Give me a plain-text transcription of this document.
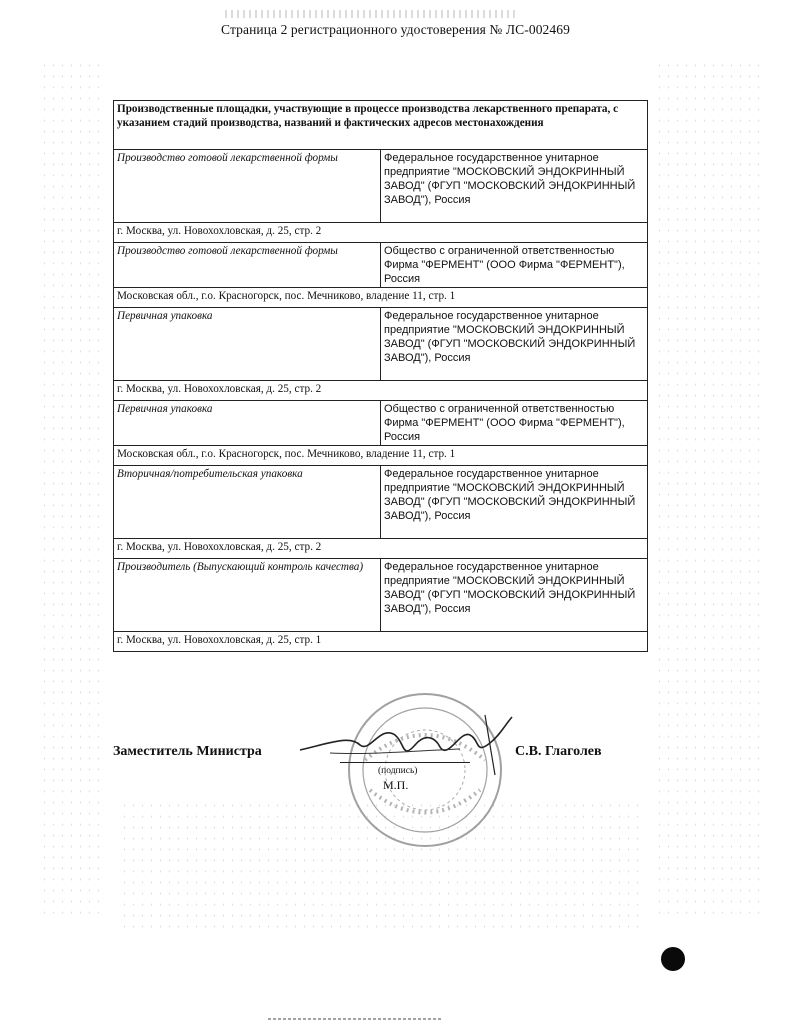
Страница 2 регистрационного удостоверения № ЛС-002469
Производственные площадки, участвующие в процессе производства лекарственного препарата, с указанием стадий производства, названий и фактических адресов местонахождения	
Производство готовой лекарственной формы	Федеральное государственное унитарное предприятие "МОСКОВСКИЙ ЭНДОКРИННЫЙ ЗАВОД" (ФГУП "МОСКОВСКИЙ ЭНДОКРИННЫЙ ЗАВОД"), Россия
г. Москва, ул. Новохохловская, д. 25, стр. 2	
Производство готовой лекарственной формы	Общество с ограниченной ответственностью Фирма "ФЕРМЕНТ" (ООО Фирма "ФЕРМЕНТ"), Россия
Московская обл., г.о. Красногорск, пос. Мечниково, владение 11, стр. 1	
Первичная упаковка	Федеральное государственное унитарное предприятие "МОСКОВСКИЙ ЭНДОКРИННЫЙ ЗАВОД" (ФГУП "МОСКОВСКИЙ ЭНДОКРИННЫЙ ЗАВОД"), Россия
г. Москва, ул. Новохохловская, д. 25, стр. 2	
Первичная упаковка	Общество с ограниченной ответственностью Фирма "ФЕРМЕНТ" (ООО Фирма "ФЕРМЕНТ"), Россия
Московская обл., г.о. Красногорск, пос. Мечниково, владение 11, стр. 1	
Вторичная/потребительская упаковка	Федеральное государственное унитарное предприятие "МОСКОВСКИЙ ЭНДОКРИННЫЙ ЗАВОД" (ФГУП "МОСКОВСКИЙ ЭНДОКРИННЫЙ ЗАВОД"), Россия
г. Москва, ул. Новохохловская, д. 25, стр. 2	
Производитель (Выпускающий контроль качества)	Федеральное государственное унитарное предприятие "МОСКОВСКИЙ ЭНДОКРИННЫЙ ЗАВОД" (ФГУП "МОСКОВСКИЙ ЭНДОКРИННЫЙ ЗАВОД"), Россия
г. Москва, ул. Новохохловская, д. 25, стр. 1	
Заместитель Министра
(подпись)
С.В. Глаголев
М.П.
